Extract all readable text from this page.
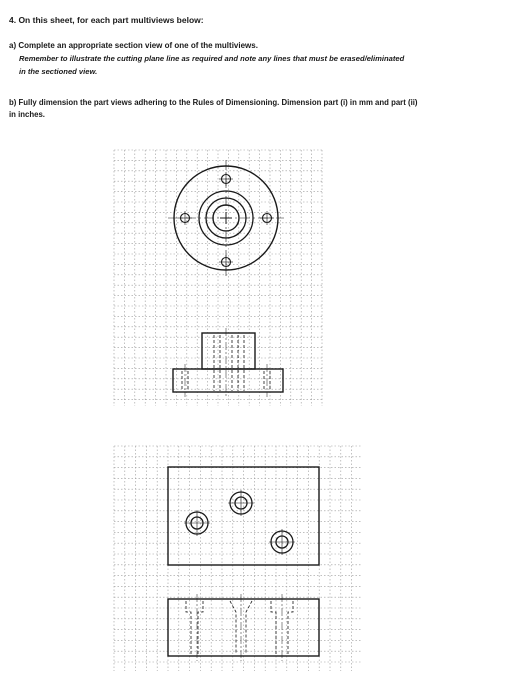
4. On this sheet, for each part multiviews below:
a) Complete an appropriate section view of one of the multiviews.
Remember to illustrate the cutting plane line as required and note any lines that must be erased/eliminated
in the sectioned view.
b) Fully dimension the part views adhering to the Rules of Dimensioning. Dimension part (i) in mm and part (ii)
in inches.
